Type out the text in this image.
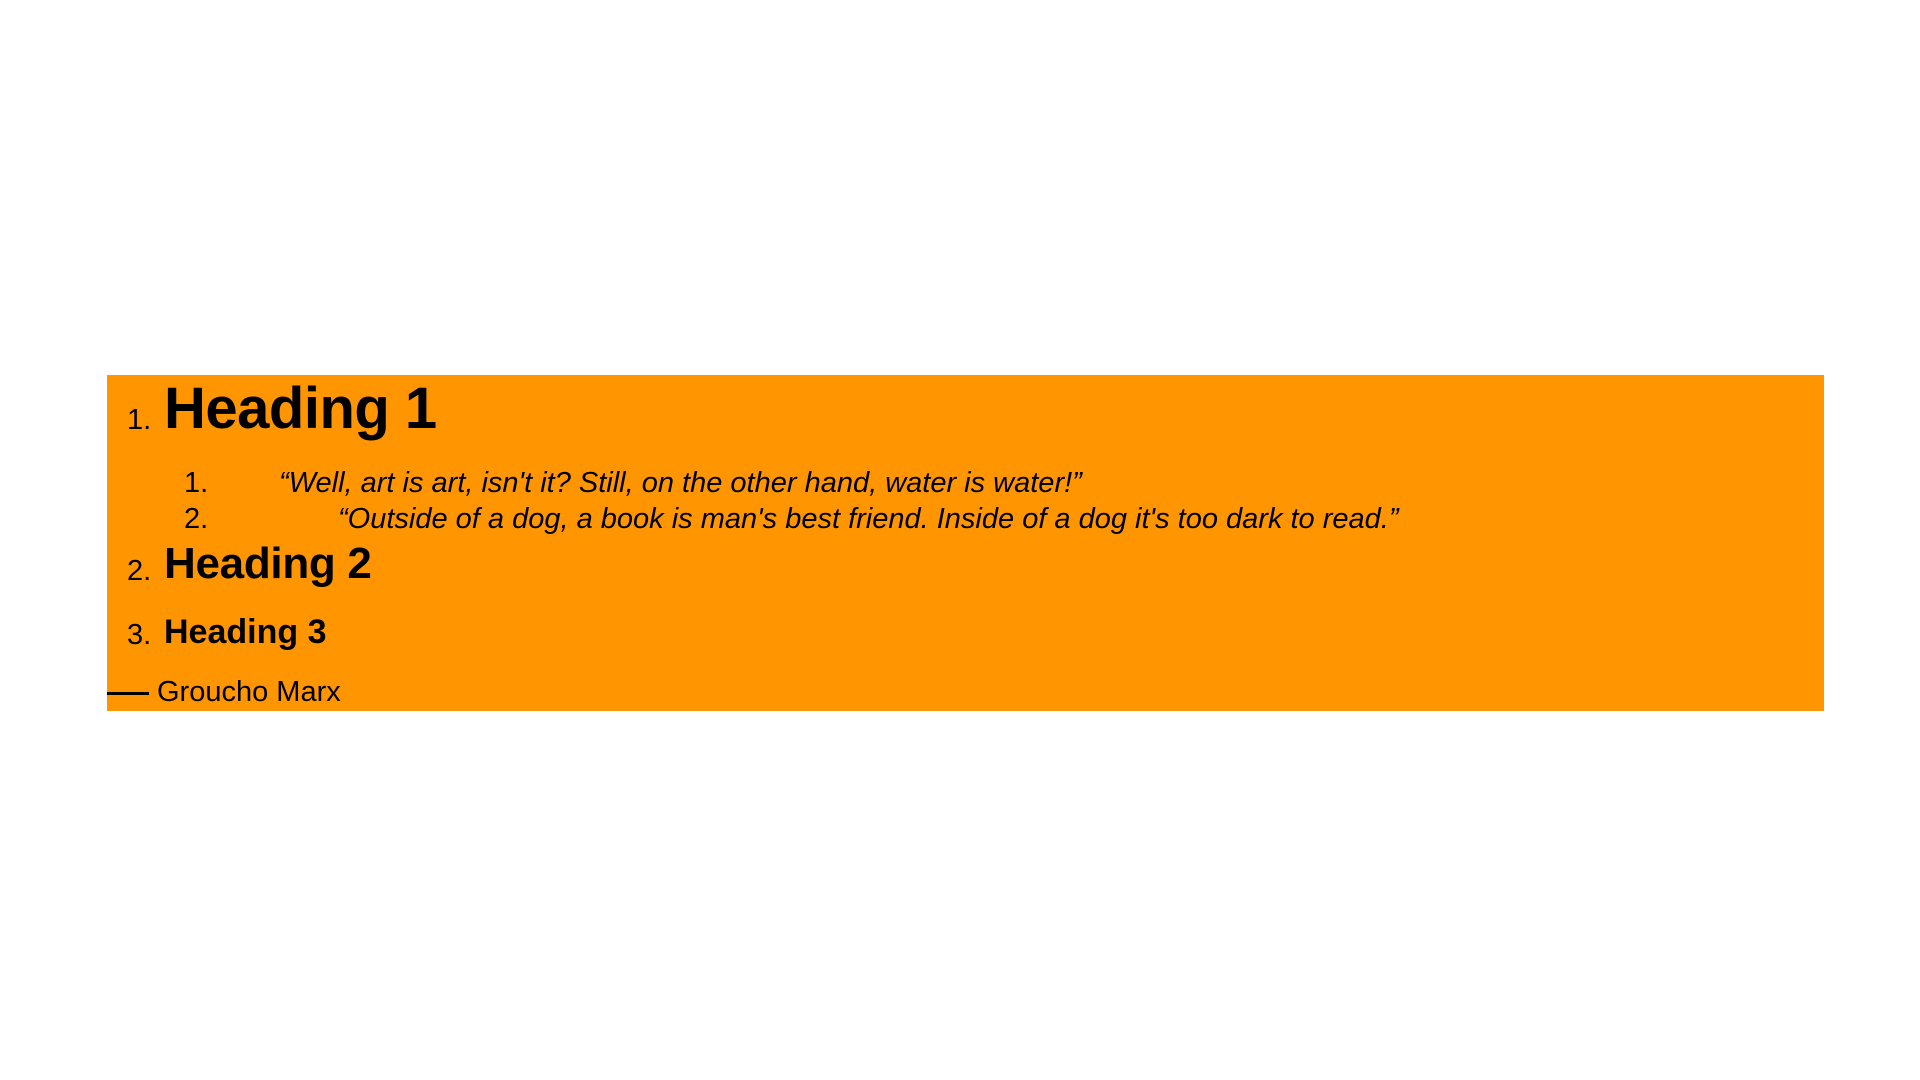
1. Heading 1
1. “Well, art is art, isn't it? Still, on the other hand, water is water!”
2.	“Outside of a dog, a book is man's best friend. Inside of a dog it's too dark to read.”
2. Heading 2
3. Heading 3
Groucho Marx
